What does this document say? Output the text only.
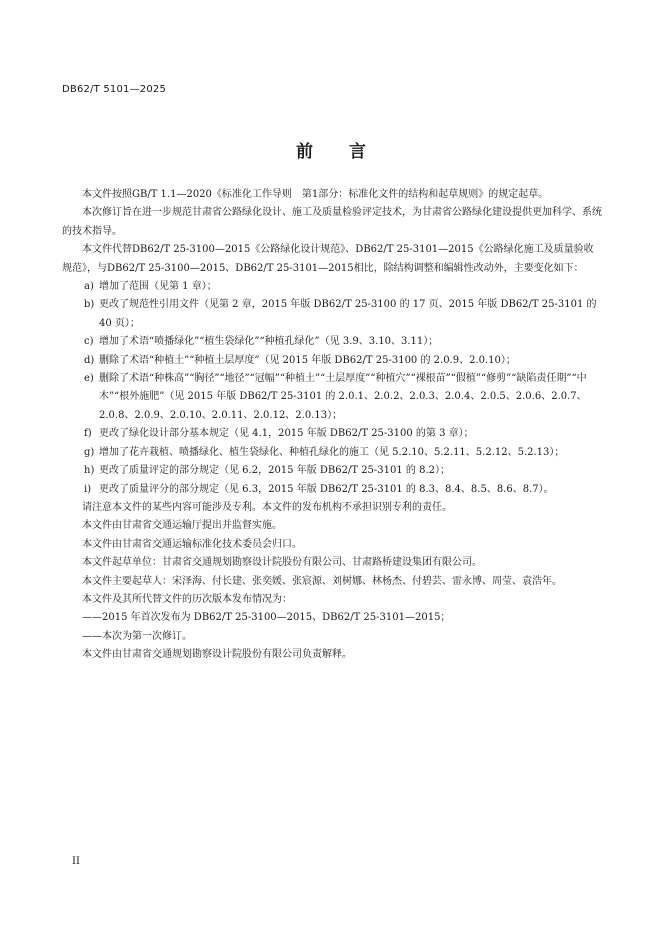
DB62/T 5101—2025
前 言

本文件按照GB/T 1.1—2020《标准化工作导则　第1部分：标准化文件的结构和起草规则》的规定起草。

本次修订旨在进一步规范甘肃省公路绿化设计、施工及质量检验评定技术，为甘肃省公路绿化建设提供更加科学、系统的技术指导。

本文件代替DB62/T 25-3100—2015《公路绿化设计规范》、DB62/T 25-3101—2015《公路绿化施工及质量验收规范》，与DB62/T 25-3100—2015、DB62/T 25-3101—2015相比，除结构调整和编辑性改动外，主要变化如下：

a) 增加了范围（见第 1 章）；

b) 更改了规范性引用文件（见第 2 章，2015 年版 DB62/T 25-3100 的 17 页、2015 年版 DB62/T 25-3101 的 40 页）；

c) 增加了术语“喷播绿化”“植生袋绿化”“种植孔绿化”（见 3.9、3.10、3.11）；

d) 删除了术语“种植土”“种植土层厚度”（见 2015 年版 DB62/T 25-3100 的 2.0.9、2.0.10）；

e) 删除了术语“种株高”“胸径”“地径”“冠幅”“种植土”“土层厚度”“种植穴”“裸根苗”“假植”“修剪”“缺陷责任期”“中木”“根外施肥”（见 2015 年版 DB62/T 25-3101 的 2.0.1、2.0.2、2.0.3、2.0.4、2.0.5、2.0.6、2.0.7、2.0.8、2.0.9、2.0.10、2.0.11、2.0.12、2.0.13）；

f) 更改了绿化设计部分基本规定（见 4.1，2015 年版 DB62/T 25-3100 的第 3 章）；

g) 增加了花卉栽植、喷播绿化、植生袋绿化、种植孔绿化的施工（见 5.2.10、5.2.11、5.2.12、5.2.13）；

h) 更改了质量评定的部分规定（见 6.2，2015 年版 DB62/T 25-3101 的 8.2）；

i) 更改了质量评分的部分规定（见 6.3，2015 年版 DB62/T 25-3101 的 8.3、8.4、8.5、8.6、8.7）。

请注意本文件的某些内容可能涉及专利。本文件的发布机构不承担识别专利的责任。

本文件由甘肃省交通运输厅提出并监督实施。

本文件由甘肃省交通运输标准化技术委员会归口。

本文件起草单位：甘肃省交通规划勘察设计院股份有限公司、甘肃路桥建设集团有限公司。

本文件主要起草人：宋泽海、付长建、张奕媛、张宸源、刘树娜、林杨杰、付碧芸、雷永博、周莹、袁浩年。

本文件及其所代替文件的历次版本发布情况为：

——2015 年首次发布为 DB62/T 25-3100—2015、DB62/T 25-3101—2015；

——本次为第一次修订。

本文件由甘肃省交通规划勘察设计院股份有限公司负责解释。

II
